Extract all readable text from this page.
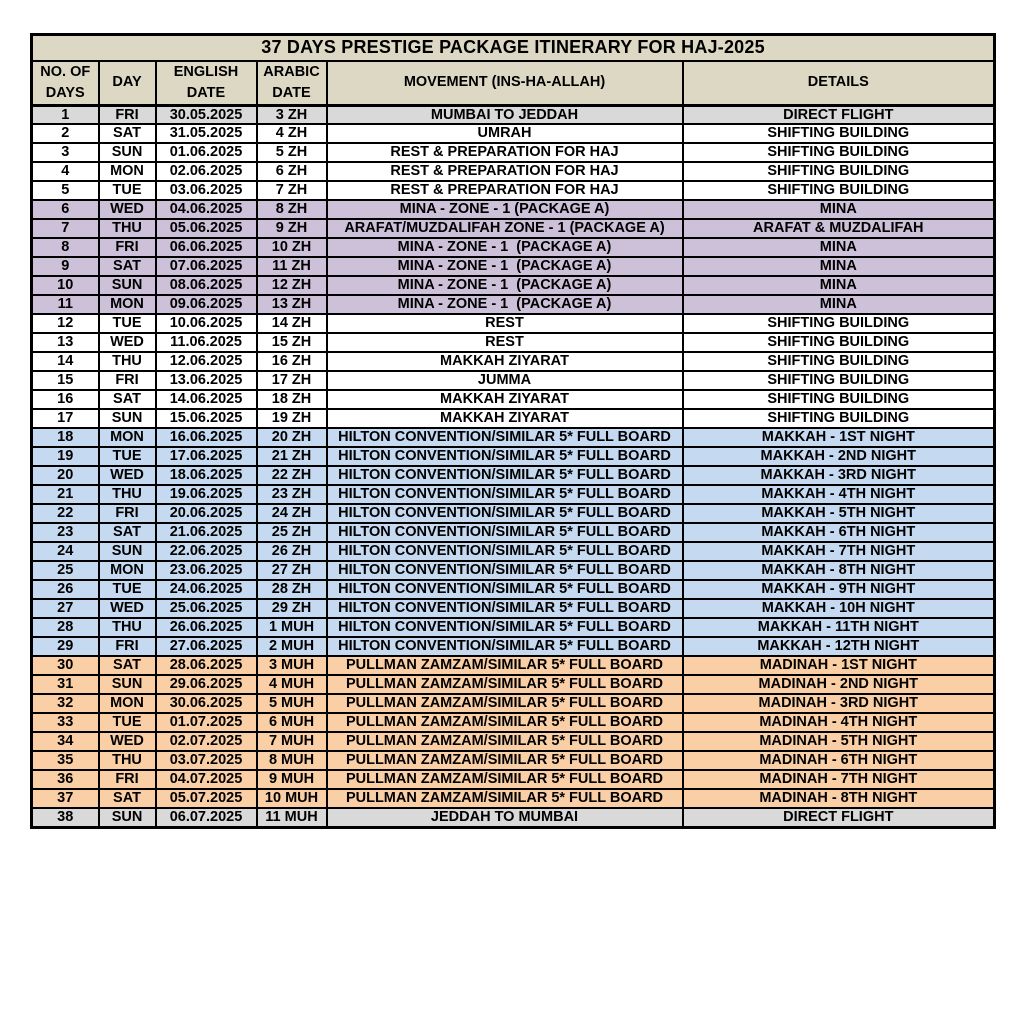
37 DAYS PRESTIGE PACKAGE ITINERARY FOR HAJ-2025					
NO. OF DAYS	DAY	ENGLISH DATE	ARABIC DATE	MOVEMENT (INS-HA-ALLAH)	DETAILS
1	FRI	30.05.2025	3 ZH	MUMBAI TO JEDDAH	DIRECT FLIGHT
2	SAT	31.05.2025	4 ZH	UMRAH	SHIFTING BUILDING
3	SUN	01.06.2025	5 ZH	REST & PREPARATION FOR HAJ	SHIFTING BUILDING
4	MON	02.06.2025	6 ZH	REST & PREPARATION FOR HAJ	SHIFTING BUILDING
5	TUE	03.06.2025	7 ZH	REST & PREPARATION FOR HAJ	SHIFTING BUILDING
6	WED	04.06.2025	8 ZH	MINA - ZONE - 1 (PACKAGE A)	MINA
7	THU	05.06.2025	9 ZH	ARAFAT/MUZDALIFAH ZONE - 1 (PACKAGE A)	ARAFAT & MUZDALIFAH
8	FRI	06.06.2025	10 ZH	MINA - ZONE - 1  (PACKAGE A)	MINA
9	SAT	07.06.2025	11 ZH	MINA - ZONE - 1  (PACKAGE A)	MINA
10	SUN	08.06.2025	12 ZH	MINA - ZONE - 1  (PACKAGE A)	MINA
11	MON	09.06.2025	13 ZH	MINA - ZONE - 1  (PACKAGE A)	MINA
12	TUE	10.06.2025	14 ZH	REST	SHIFTING BUILDING
13	WED	11.06.2025	15 ZH	REST	SHIFTING BUILDING
14	THU	12.06.2025	16 ZH	MAKKAH ZIYARAT	SHIFTING BUILDING
15	FRI	13.06.2025	17 ZH	JUMMA	SHIFTING BUILDING
16	SAT	14.06.2025	18 ZH	MAKKAH ZIYARAT	SHIFTING BUILDING
17	SUN	15.06.2025	19 ZH	MAKKAH ZIYARAT	SHIFTING BUILDING
18	MON	16.06.2025	20 ZH	HILTON CONVENTION/SIMILAR 5* FULL BOARD	MAKKAH - 1ST NIGHT
19	TUE	17.06.2025	21 ZH	HILTON CONVENTION/SIMILAR 5* FULL BOARD	MAKKAH - 2ND NIGHT
20	WED	18.06.2025	22 ZH	HILTON CONVENTION/SIMILAR 5* FULL BOARD	MAKKAH - 3RD NIGHT
21	THU	19.06.2025	23 ZH	HILTON CONVENTION/SIMILAR 5* FULL BOARD	MAKKAH - 4TH NIGHT
22	FRI	20.06.2025	24 ZH	HILTON CONVENTION/SIMILAR 5* FULL BOARD	MAKKAH - 5TH NIGHT
23	SAT	21.06.2025	25 ZH	HILTON CONVENTION/SIMILAR 5* FULL BOARD	MAKKAH - 6TH NIGHT
24	SUN	22.06.2025	26 ZH	HILTON CONVENTION/SIMILAR 5* FULL BOARD	MAKKAH - 7TH NIGHT
25	MON	23.06.2025	27 ZH	HILTON CONVENTION/SIMILAR 5* FULL BOARD	MAKKAH - 8TH NIGHT
26	TUE	24.06.2025	28 ZH	HILTON CONVENTION/SIMILAR 5* FULL BOARD	MAKKAH - 9TH NIGHT
27	WED	25.06.2025	29 ZH	HILTON CONVENTION/SIMILAR 5* FULL BOARD	MAKKAH - 10H NIGHT
28	THU	26.06.2025	1 MUH	HILTON CONVENTION/SIMILAR 5* FULL BOARD	MAKKAH - 11TH NIGHT
29	FRI	27.06.2025	2 MUH	HILTON CONVENTION/SIMILAR 5* FULL BOARD	MAKKAH - 12TH NIGHT
30	SAT	28.06.2025	3 MUH	PULLMAN ZAMZAM/SIMILAR 5* FULL BOARD	MADINAH - 1ST NIGHT
31	SUN	29.06.2025	4 MUH	PULLMAN ZAMZAM/SIMILAR 5* FULL BOARD	MADINAH - 2ND NIGHT
32	MON	30.06.2025	5 MUH	PULLMAN ZAMZAM/SIMILAR 5* FULL BOARD	MADINAH - 3RD NIGHT
33	TUE	01.07.2025	6 MUH	PULLMAN ZAMZAM/SIMILAR 5* FULL BOARD	MADINAH - 4TH NIGHT
34	WED	02.07.2025	7 MUH	PULLMAN ZAMZAM/SIMILAR 5* FULL BOARD	MADINAH - 5TH NIGHT
35	THU	03.07.2025	8 MUH	PULLMAN ZAMZAM/SIMILAR 5* FULL BOARD	MADINAH - 6TH NIGHT
36	FRI	04.07.2025	9 MUH	PULLMAN ZAMZAM/SIMILAR 5* FULL BOARD	MADINAH - 7TH NIGHT
37	SAT	05.07.2025	10 MUH	PULLMAN ZAMZAM/SIMILAR 5* FULL BOARD	MADINAH - 8TH NIGHT
38	SUN	06.07.2025	11 MUH	JEDDAH TO MUMBAI	DIRECT FLIGHT
